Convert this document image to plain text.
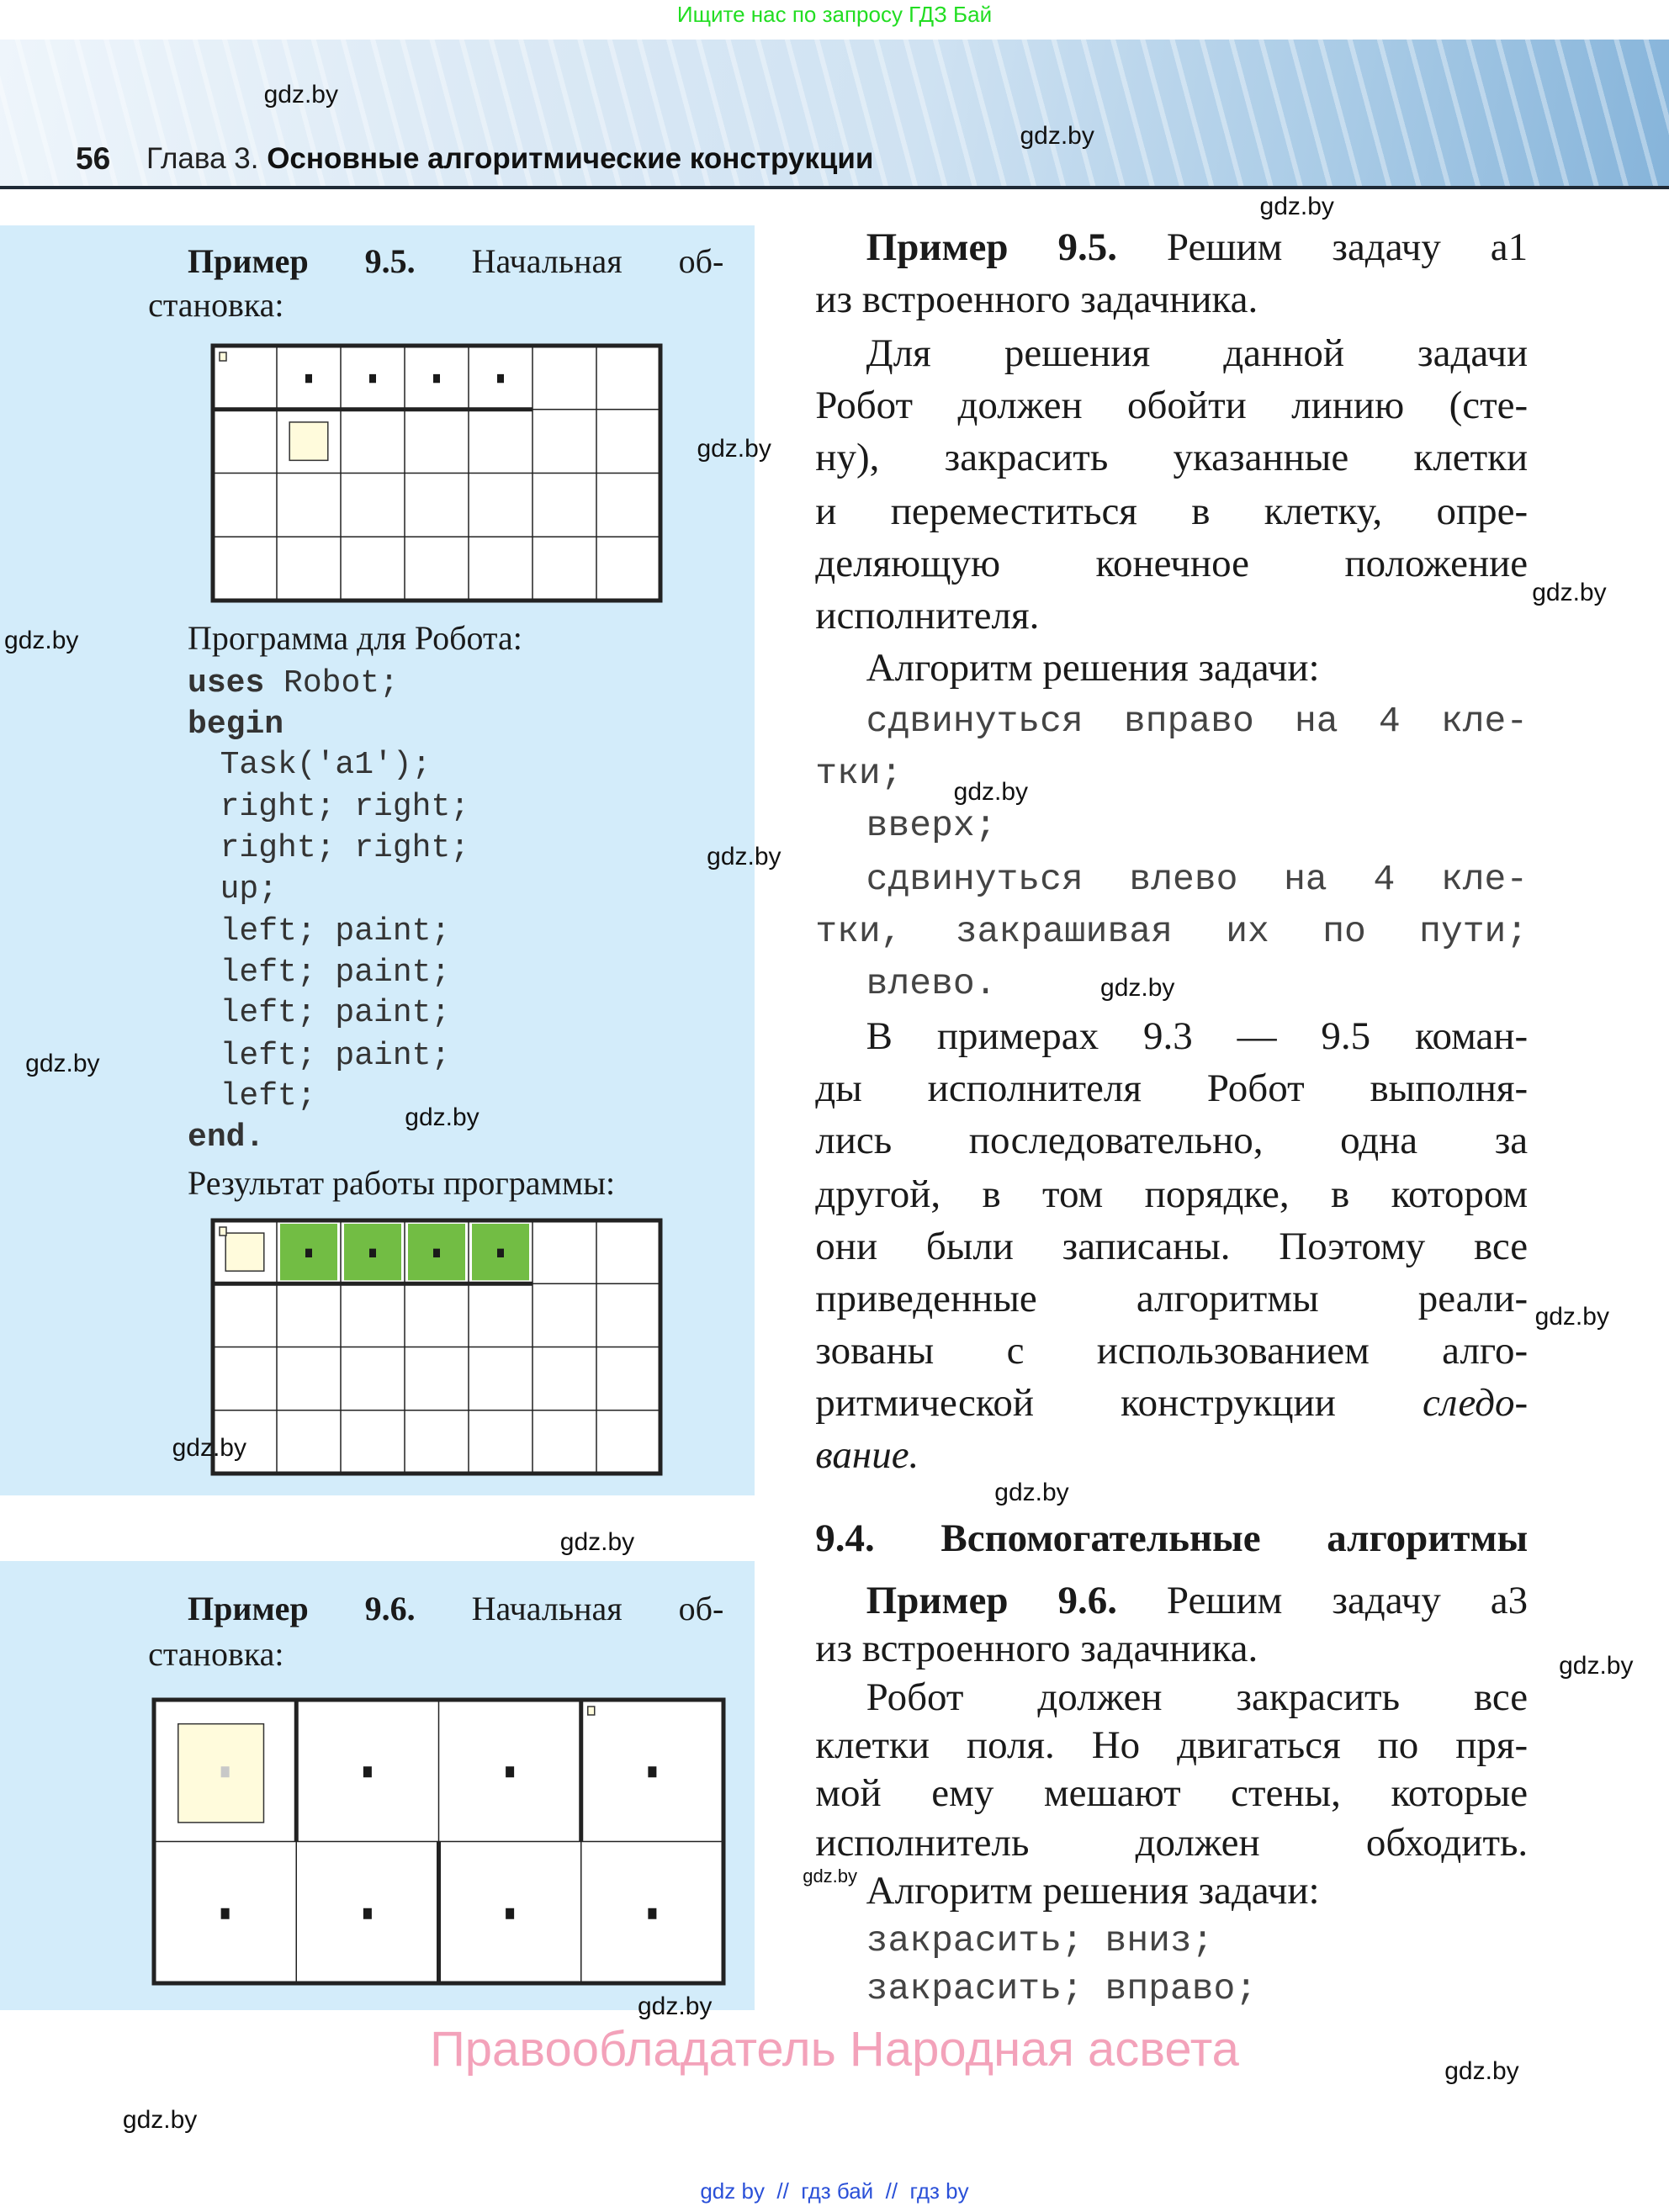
Ищите нас по запросу ГДЗ Бай
56 Глава 3. Основные алгоритмические конструкции
Пример 9.5. Начальная об-
становка:
Программа для Робота:
uses Robot;
begin
Task('a1');
right; right;
right; right;
up;
left; paint;
left; paint;
left; paint;
left; paint;
left;
end.
Результат работы программы:
Пример 9.6. Начальная об-
становка:
Пример 9.5. Решим задачу а1
из встроенного задачника.
Для решения данной задачи
Робот должен обойти линию (сте-
ну), закрасить указанные клетки
и переместиться в клетку, опре-
деляющую конечное положение
исполнителя.
Алгоритм решения задачи:
сдвинуться вправо на 4 кле-
тки;
вверх;
сдвинуться влево на 4 кле-
тки, закрашивая их по пути;
влево.
В примерах 9.3 — 9.5 коман-
ды исполнителя Робот выполня-
лись последовательно, одна за
другой, в том порядке, в котором
они были записаны. Поэтому все
приведенные алгоритмы реали-
зованы с использованием алго-
ритмической конструкции следо-
вание.
9.4. Вспомогательные алгоритмы
Пример 9.6. Решим задачу а3
из встроенного задачника.
Робот должен закрасить все
клетки поля. Но двигаться по пря-
мой ему мешают стены, которые
исполнитель должен обходить.
Алгоритм решения задачи:
закрасить; вниз;
закрасить; вправо;
gdz.by
gdz.by
gdz.by
gdz.by
gdz.by
gdz.by
gdz.by
gdz.by
gdz.by
gdz.by
gdz.by
gdz.by
gdz.by
gdz.by
gdz.by
gdz.by
gdz.by
gdz.by
gdz.by
gdz.by
Правообладатель Народная асвета
gdz by  //  гдз бай  //  гдз by
